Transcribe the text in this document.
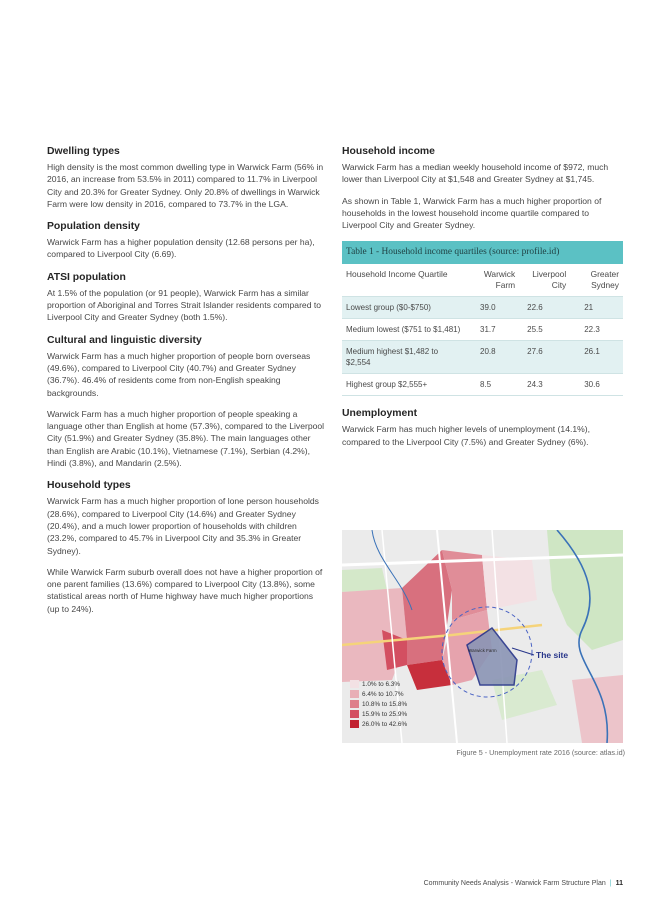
Dwelling types

High density is the most common dwelling type in Warwick Farm (56% in 2016, an increase from 53.5% in 2011) compared to 11.7% in Liverpool City and 20.3% for Greater Sydney. Only 20.8% of dwellings in Warwick Farm were low density in 2016, compared to 73.7% in the LGA.

Population density

Warwick Farm has a higher population density (12.68 persons per ha), compared to Liverpool City (6.69).

ATSI population

At 1.5% of the population (or 91 people), Warwick Farm has a similar proportion of Aboriginal and Torres Strait Islander residents compared to Liverpool City and Greater Sydney (both 1.5%).

Cultural and linguistic diversity

Warwick Farm has a much higher proportion of people born overseas (49.6%), compared to Liverpool City (40.7%) and Greater Sydney (36.7%). 46.4% of residents come from non-English speaking backgrounds.

Warwick Farm has a much higher proportion of people speaking a language other than English at home (57.3%), compared to the Liverpool City (51.9%) and Greater Sydney (35.8%). The main languages other than English are Arabic (10.1%), Vietnamese (7.1%), Serbian (4.2%), Hindi (3.8%), and Mandarin (2.5%).

Household types

Warwick Farm has a much higher proportion of lone person households (28.6%), compared to Liverpool City (14.6%) and Greater Sydney (20.4%), and a much lower proportion of households with children (23.2%, compared to 45.7% in Liverpool City and 35.3% in Greater Sydney).

While Warwick Farm suburb overall does not have a higher proportion of one parent families (13.6%) compared to Liverpool City (13.8%), some statistical areas north of Hume highway have much higher proportions (up to 24%).

Household income

Warwick Farm has a median weekly household income of $972, much lower than Liverpool City at $1,548 and Greater Sydney at $1,745.

As shown in Table 1, Warwick Farm has a much higher proportion of households in the lowest household income quartile compared to Liverpool City and Greater Sydney.

Table 1 - Household income quartiles (source: profile.id)
Household Income Quartile	Warwick Farm	Liverpool City	Greater Sydney
Lowest group ($0-$750)	39.0	22.6	21
Medium lowest ($751 to $1,481)	31.7	25.5	22.3
Medium highest $1,482 to $2,554	20.8	27.6	26.1
Highest group $2,555+	8.5	24.3	30.6
Unemployment

Warwick Farm has much higher levels of unemployment (14.1%), compared to the Liverpool City (7.5%) and Greater Sydney (6%).

The site
Warwick Farm
1.0% to 6.3%
6.4% to 10.7%
10.8% to 15.8%
15.9% to 25.9%
26.0% to 42.6%
Figure 5 - Unemployment rate 2016 (source: atlas.id)
Community Needs Analysis - Warwick Farm Structure Plan | 11
